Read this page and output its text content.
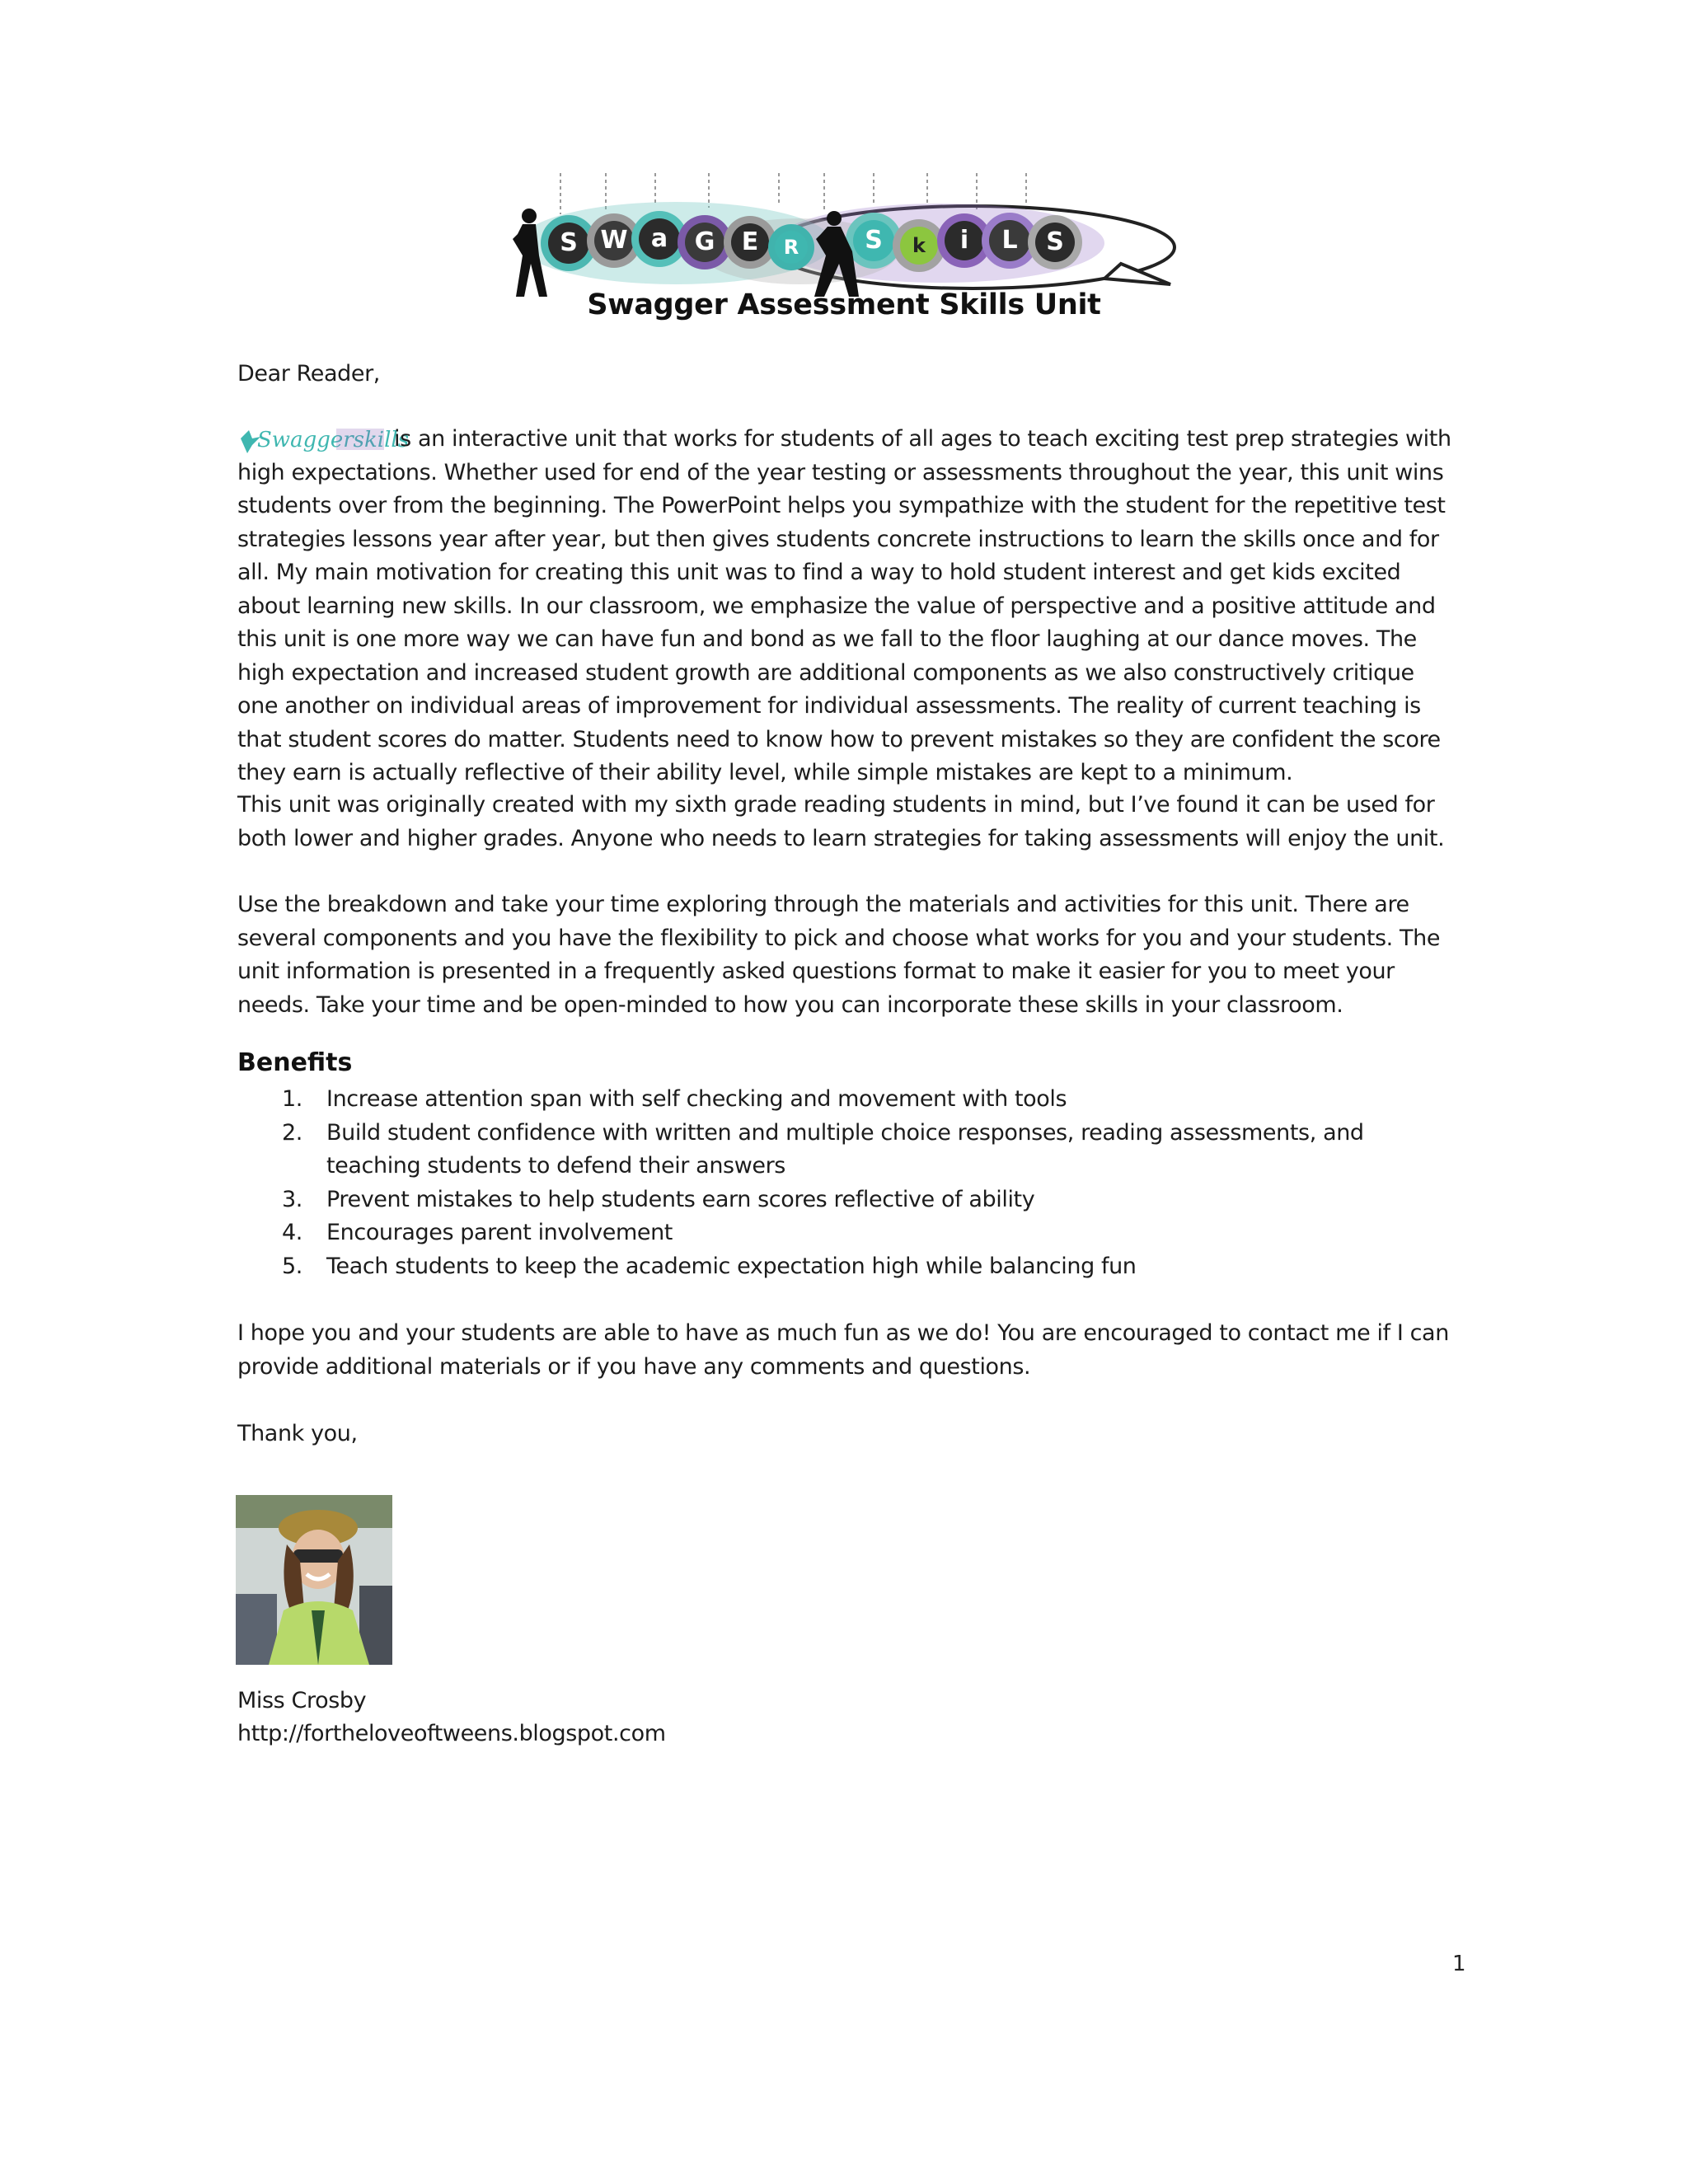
S W a	G	E	R	S	k	i	L	S
Swagger Assessment Skills Unit
Dear Reader,
Swaggerskills
is an interactive unit that works for students of all ages to teach exciting test prep strategies with high expectations. Whether used for end of the year testing or assessments throughout the year, this unit wins students over from the beginning. The PowerPoint helps you sympathize with the student for the repetitive test strategies lessons year after year, but then gives students concrete instructions to learn the skills once and for all. My main motivation for creating this unit was to find a way to hold student interest and get kids excited about learning new skills. In our classroom, we emphasize the value of perspective and a positive attitude and this unit is one more way we can have fun and bond as we fall to the floor laughing at our dance moves. The high expectation and increased student growth are additional components as we also constructively critique one another on individual areas of improvement for individual assessments. The reality of current teaching is that student scores do matter. Students need to know how to prevent mistakes so they are confident the score they earn is actually reflective of their ability level, while simple mistakes are kept to a minimum.
This unit was originally created with my sixth grade reading students in mind, but I’ve found it can be used for both lower and higher grades. Anyone who needs to learn strategies for taking assessments will enjoy the unit.
Use the breakdown and take your time exploring through the materials and activities for this unit. There are several components and you have the flexibility to pick and choose what works for you and your students. The unit information is presented in a frequently asked questions format to make it easier for you to meet your needs. Take your time and be open-minded to how you can incorporate these skills in your classroom.
Benefits
1. Increase attention span with self checking and movement with tools
2. Build student confidence with written and multiple choice responses, reading assessments, and teaching students to defend their answers
3. Prevent mistakes to help students earn scores reflective of ability
4. Encourages parent involvement
5. Teach students to keep the academic expectation high while balancing fun
I hope you and your students are able to have as much fun as we do! You are encouraged to contact me if I can provide additional materials or if you have any comments and questions.
Thank you,
Miss Crosby
http://fortheloveoftweens.blogspot.com
1
